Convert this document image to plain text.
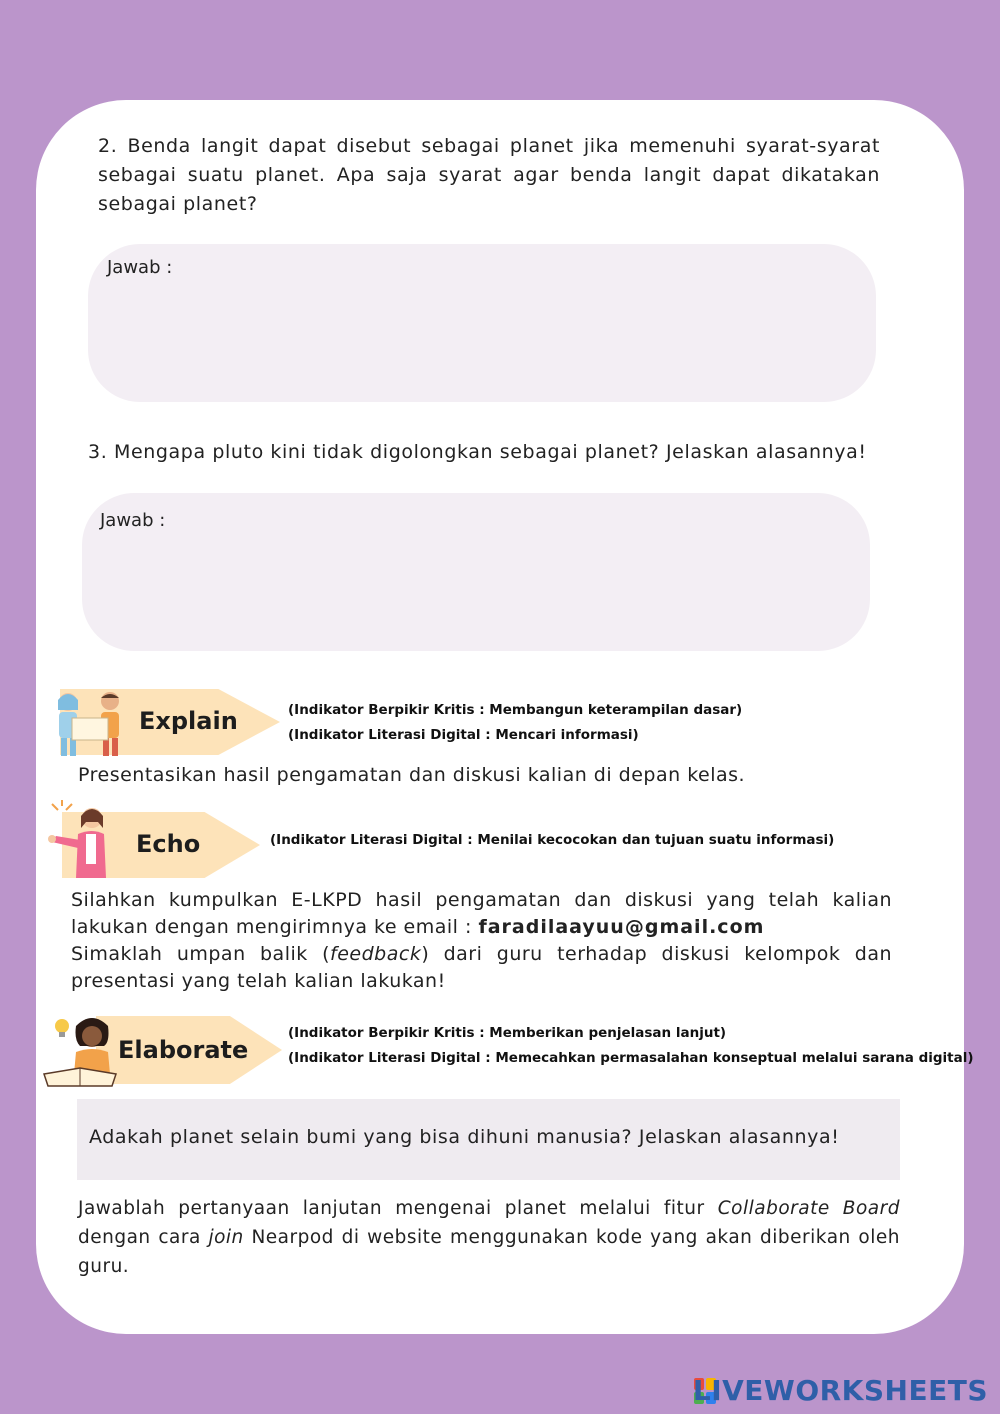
2. Benda langit dapat disebut sebagai planet jika memenuhi syarat-syarat sebagai suatu planet. Apa saja syarat agar benda langit dapat dikatakan sebagai planet?

Jawab :

3. Mengapa pluto kini tidak digolongkan sebagai planet? Jelaskan alasannya!

Jawab :
Explain	(Indikator Berpikir Kritis : Membangun keterampilan dasar)
(Indikator Literasi Digital : Mencari informasi)

Presentasikan hasil pengamatan dan diskusi kalian di depan kelas.

Echo	(Indikator Literasi Digital : Menilai kecocokan dan tujuan suatu informasi)

Silahkan kumpulkan E-LKPD hasil pengamatan dan diskusi yang telah kalian lakukan dengan mengirimnya ke email : faradilaayuu@gmail.com
Simaklah umpan balik (feedback) dari guru terhadap diskusi kelompok dan presentasi yang telah kalian lakukan!

Elaborate
(Indikator Berpikir Kritis : Memberikan penjelasan lanjut)
(Indikator Literasi Digital : Memecahkan permasalahan konseptual melalui sarana digital)
Adakah planet selain bumi yang bisa dihuni manusia? Jelaskan alasannya!

Jawablah pertanyaan lanjutan mengenai planet melalui fitur Collaborate Board dengan cara join Nearpod di website menggunakan kode yang akan diberikan oleh guru.

LIVEWORKSHEETS
